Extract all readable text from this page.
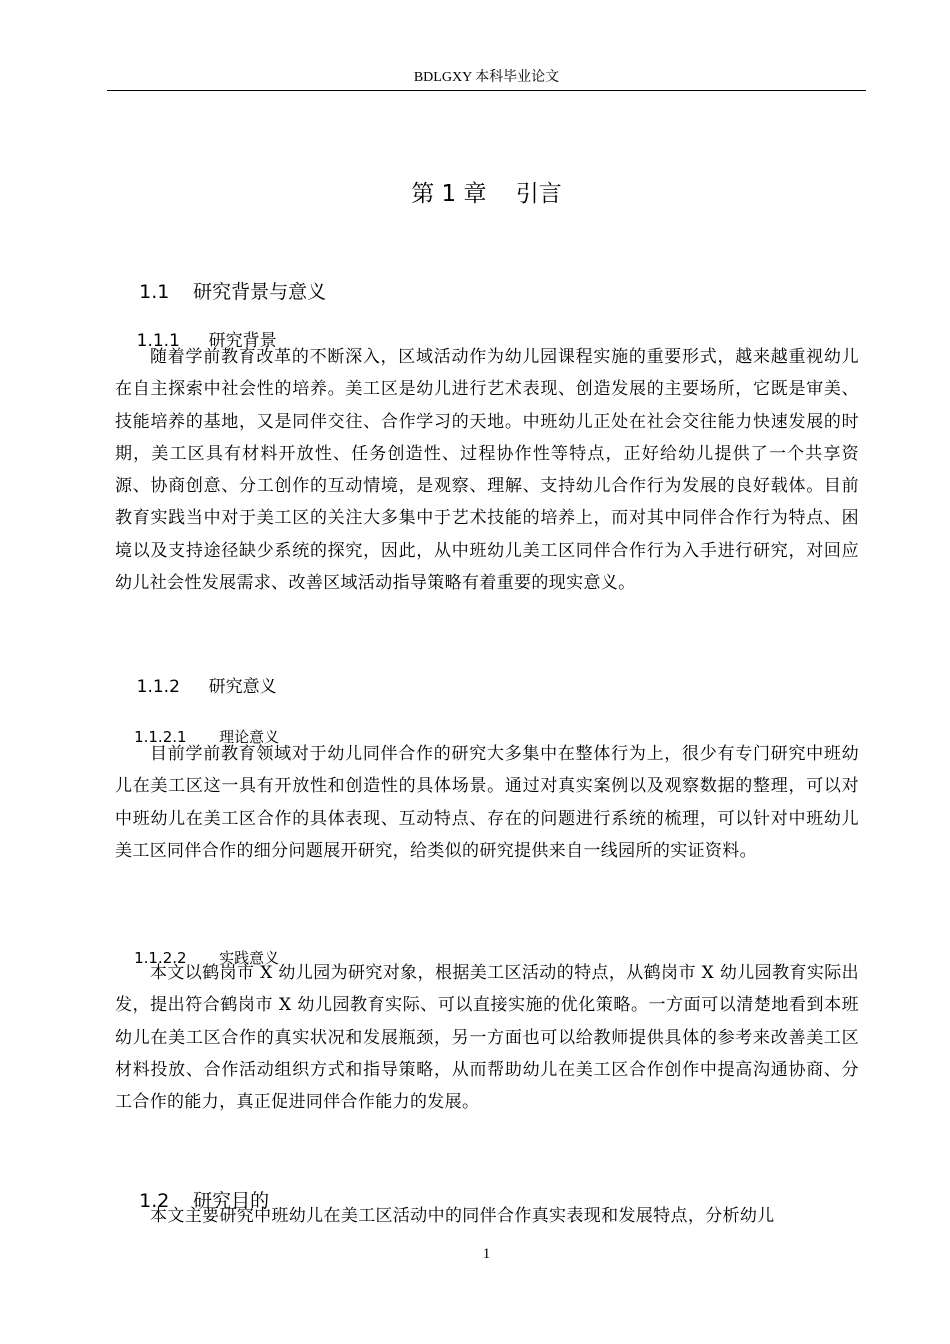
BDLGXY 本科毕业论文
第 1 章    引言

1.1 研究背景与意义

1.1.1 研究背景

随着学前教育改革的不断深入，区域活动作为幼儿园课程实施的重要形式，越来越重视幼儿在自主探索中社会性的培养。美工区是幼儿进行艺术表现、创造发展的主要场所，它既是审美、技能培养的基地，又是同伴交往、合作学习的天地。中班幼儿正处在社会交往能力快速发展的时期，美工区具有材料开放性、任务创造性、过程协作性等特点，正好给幼儿提供了一个共享资源、协商创意、分工创作的互动情境，是观察、理解、支持幼儿合作行为发展的良好载体。目前教育实践当中对于美工区的关注大多集中于艺术技能的培养上，而对其中同伴合作行为特点、困境以及支持途径缺少系统的探究，因此，从中班幼儿美工区同伴合作行为入手进行研究，对回应幼儿社会性发展需求、改善区域活动指导策略有着重要的现实意义。

1.1.2 研究意义

1.1.2.1 理论意义

目前学前教育领域对于幼儿同伴合作的研究大多集中在整体行为上，很少有专门研究中班幼儿在美工区这一具有开放性和创造性的具体场景。通过对真实案例以及观察数据的整理，可以对中班幼儿在美工区合作的具体表现、互动特点、存在的问题进行系统的梳理，可以针对中班幼儿美工区同伴合作的细分问题展开研究，给类似的研究提供来自一线园所的实证资料。

1.1.2.2 实践意义

本文以鹤岗市 X 幼儿园为研究对象，根据美工区活动的特点，从鹤岗市 X 幼儿园教育实际出发，提出符合鹤岗市 X 幼儿园教育实际、可以直接实施的优化策略。一方面可以清楚地看到本班幼儿在美工区合作的真实状况和发展瓶颈，另一方面也可以给教师提供具体的参考来改善美工区材料投放、合作活动组织方式和指导策略，从而帮助幼儿在美工区合作创作中提高沟通协商、分工合作的能力，真正促进同伴合作能力的发展。

1.2 研究目的

本文主要研究中班幼儿在美工区活动中的同伴合作真实表现和发展特点，分析幼儿

1
